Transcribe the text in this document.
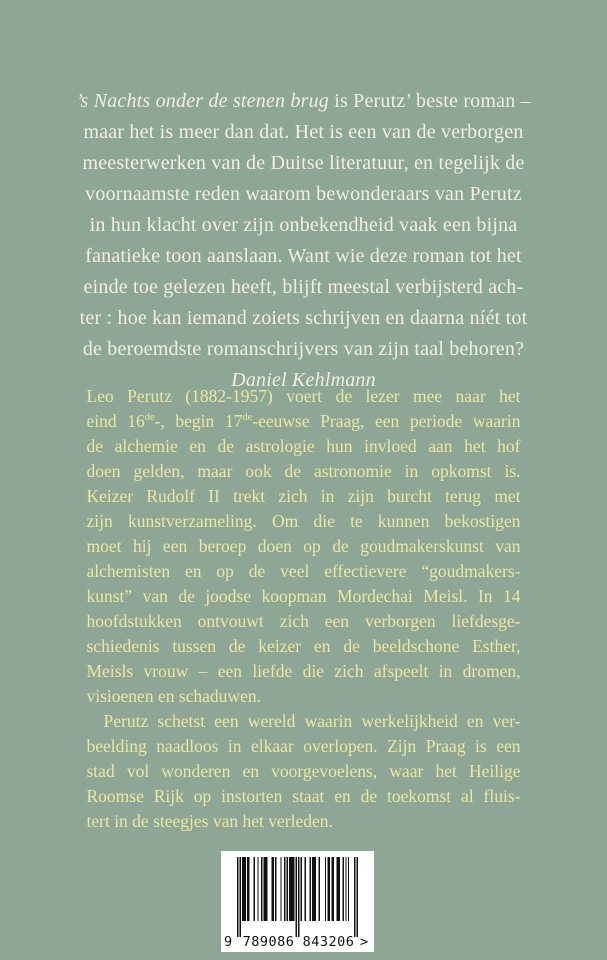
’s Nachts onder de stenen brug is Perutz’ beste roman –
maar het is meer dan dat. Het is een van de verborgen
meesterwerken van de Duitse literatuur, en tegelijk de
voornaamste reden waarom bewonderaars van Perutz
in hun klacht over zijn onbekendheid vaak een bijna
fanatieke toon aanslaan. Want wie deze roman tot het
einde toe gelezen heeft, blijft meestal verbijsterd ach-
ter : hoe kan iemand zoiets schrijven en daarna níét tot
de beroemdste romanschrijvers van zijn taal behoren?
Daniel Kehlmann
Leo Perutz (1882-1957) voert de lezer mee naar het
eind 16de-, begin 17de-eeuwse Praag, een periode waarin
de alchemie en de astrologie hun invloed aan het hof
doen gelden, maar ook de astronomie in opkomst is.
Keizer Rudolf II trekt zich in zijn burcht terug met
zijn kunstverzameling. Om die te kunnen bekostigen
moet hij een beroep doen op de goudmakerskunst van
alchemisten en op de veel effectievere “goudmakers-
kunst” van de joodse koopman Mordechai Meisl. In 14
hoofdstukken ontvouwt zich een verborgen liefdesge-
schiedenis tussen de keizer en de beeldschone Esther,
Meisls vrouw – een liefde die zich afspeelt in dromen,
visioenen en schaduwen.
Perutz schetst een wereld waarin werkelijkheid en ver-
beelding naadloos in elkaar overlopen. Zijn Praag is een
stad vol wonderen en voorgevoelens, waar het Heilige
Roomse Rijk op instorten staat en de toekomst al fluis-
tert in de steegjes van het verleden.
9 789086 843206 >
